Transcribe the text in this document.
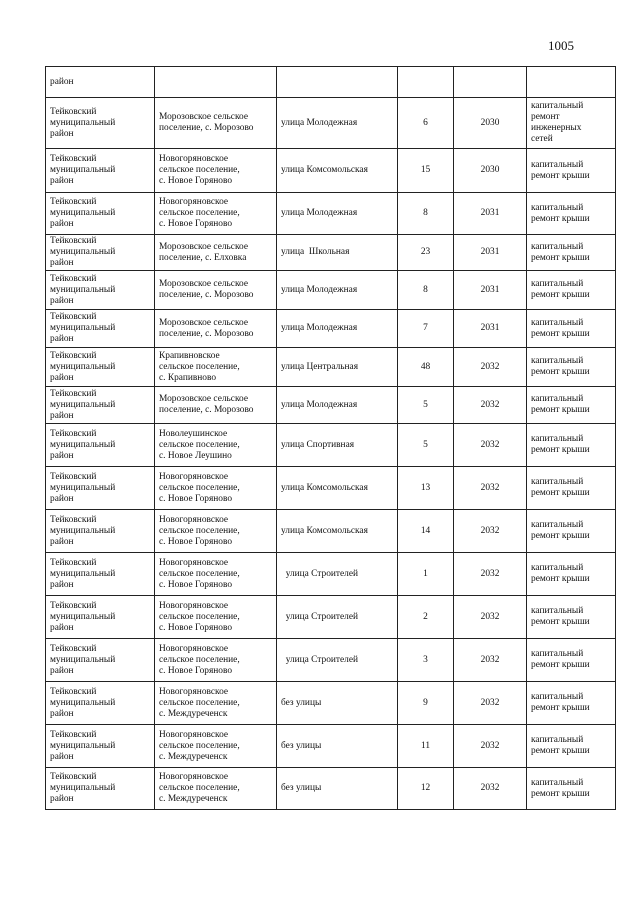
1005
район					

Тейковский
муниципальный
район	Морозовское сельское
поселение, с. Морозово	улица Молодежная	6	2030	капитальный
ремонт
инженерных
сетей

Тейковский
муниципальный
район	Новогоряновское
сельское поселение,
с. Новое Горяново	улица Комсомольская	15	2030	капитальный
ремонт крыши

Тейковский
муниципальный
район	Новогоряновское
сельское поселение,
с. Новое Горяново	улица Молодежная	8	2031	капитальный
ремонт крыши

Тейковский
муниципальный
район	Морозовское сельское
поселение, с. Елховка	улица  Школьная	23	2031	капитальный
ремонт крыши

Тейковский
муниципальный
район	Морозовское сельское
поселение, с. Морозово	улица Молодежная	8	2031	капитальный
ремонт крыши

Тейковский
муниципальный
район	Морозовское сельское
поселение, с. Морозово	улица Молодежная	7	2031	капитальный
ремонт крыши

Тейковский
муниципальный
район	Крапивновское
сельское поселение,
с. Крапивново	улица Центральная	48	2032	капитальный
ремонт крыши

Тейковский
муниципальный
район	Морозовское сельское
поселение, с. Морозово	улица Молодежная	5	2032	капитальный
ремонт крыши

Тейковский
муниципальный
район	Новолеушинское
сельское поселение,
с. Новое Леушино	улица Спортивная	5	2032	капитальный
ремонт крыши

Тейковский
муниципальный
район	Новогоряновское
сельское поселение,
с. Новое Горяново	улица Комсомольская	13	2032	капитальный
ремонт крыши

Тейковский
муниципальный
район	Новогоряновское
сельское поселение,
с. Новое Горяново	улица Комсомольская	14	2032	капитальный
ремонт крыши

Тейковский
муниципальный
район	Новогоряновское
сельское поселение,
с. Новое Горяново	улица Строителей	1	2032	капитальный
ремонт крыши

Тейковский
муниципальный
район	Новогоряновское
сельское поселение,
с. Новое Горяново	улица Строителей	2	2032	капитальный
ремонт крыши

Тейковский
муниципальный
район	Новогоряновское
сельское поселение,
с. Новое Горяново	улица Строителей	3	2032	капитальный
ремонт крыши

Тейковский
муниципальный
район	Новогоряновское
сельское поселение,
с. Междуреченск	без улицы	9	2032	капитальный
ремонт крыши

Тейковский
муниципальный
район	Новогоряновское
сельское поселение,
с. Междуреченск	без улицы	11	2032	капитальный
ремонт крыши

Тейковский
муниципальный
район	Новогоряновское
сельское поселение,
с. Междуреченск	без улицы	12	2032	капитальный
ремонт крыши
